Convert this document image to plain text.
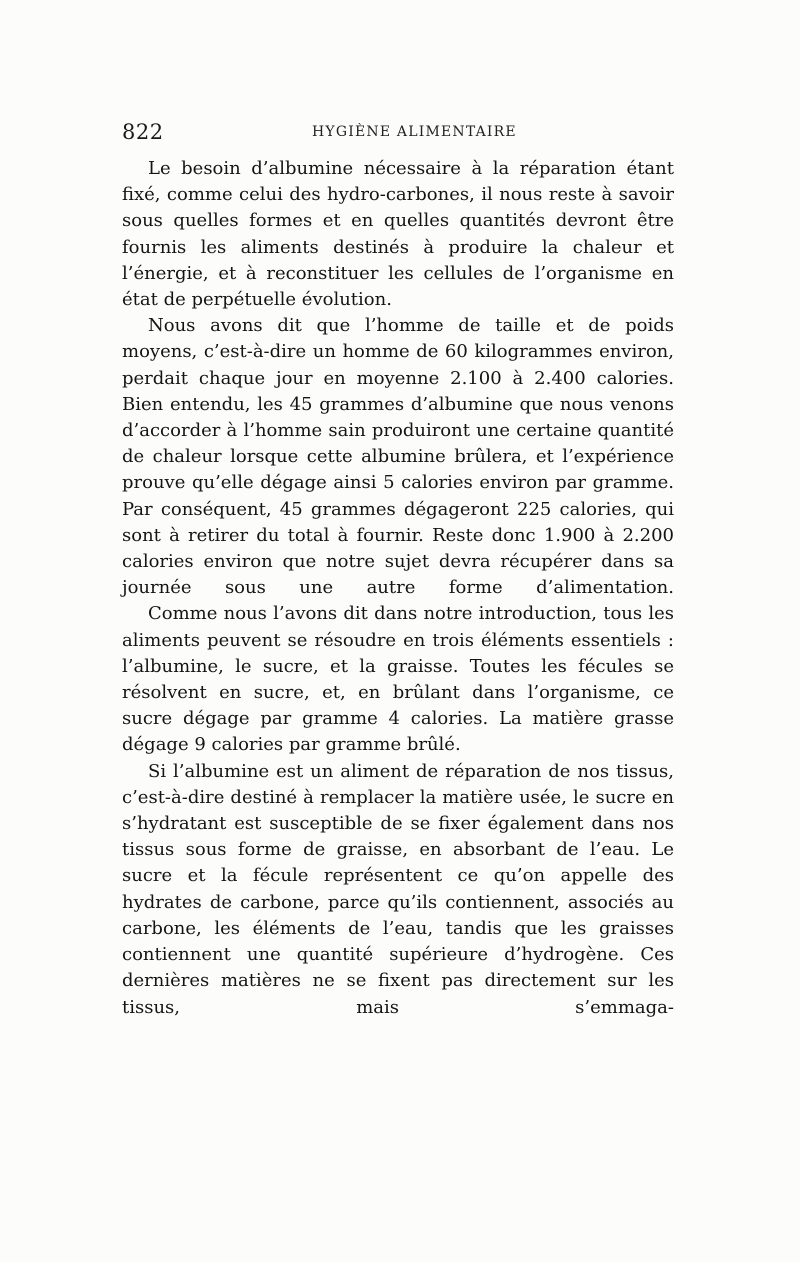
822	HYGIÈNE ALIMENTAIRE

Le besoin d’albumine nécessaire à la réparation étant fixé, comme celui des hydro-carbones, il nous reste à savoir sous quelles formes et en quelles quantités devront être fournis les aliments destinés à produire la chaleur et l’énergie, et à reconstituer les cellules de l’organisme en état de perpétuelle évolution.

Nous avons dit que l’homme de taille et de poids moyens, c’est-à-dire un homme de 60 kilogrammes environ, perdait chaque jour en moyenne 2.100 à 2.400 calories. Bien entendu, les 45 grammes d’albumine que nous venons d’accorder à l’homme sain produiront une certaine quantité de chaleur lorsque cette albumine brûlera, et l’expérience prouve qu’elle dégage ainsi 5 calories environ par gramme. Par conséquent, 45 grammes dégageront 225 calories, qui sont à retirer du total à fournir. Reste donc 1.900 à 2.200 calories environ que notre sujet devra récupérer dans sa journée sous une autre forme d’alimentation.

Comme nous l’avons dit dans notre introduction, tous les aliments peuvent se résoudre en trois éléments essentiels : l’albumine, le sucre, et la graisse. Toutes les fécules se résolvent en sucre, et, en brûlant dans l’organisme, ce sucre dégage par gramme 4 calories. La matière grasse dégage 9 calories par gramme brûlé.

Si l’albumine est un aliment de réparation de nos tissus, c’est-à-dire destiné à remplacer la matière usée, le sucre en s’hydratant est susceptible de se fixer également dans nos tissus sous forme de graisse, en absorbant de l’eau. Le sucre et la fécule représentent ce qu’on appelle des hydrates de carbone, parce qu’ils contiennent, associés au carbone, les éléments de l’eau, tandis que les graisses contiennent une quantité supérieure d’hydrogène. Ces dernières matières ne se fixent pas directement sur les tissus, mais s’emmaga-
